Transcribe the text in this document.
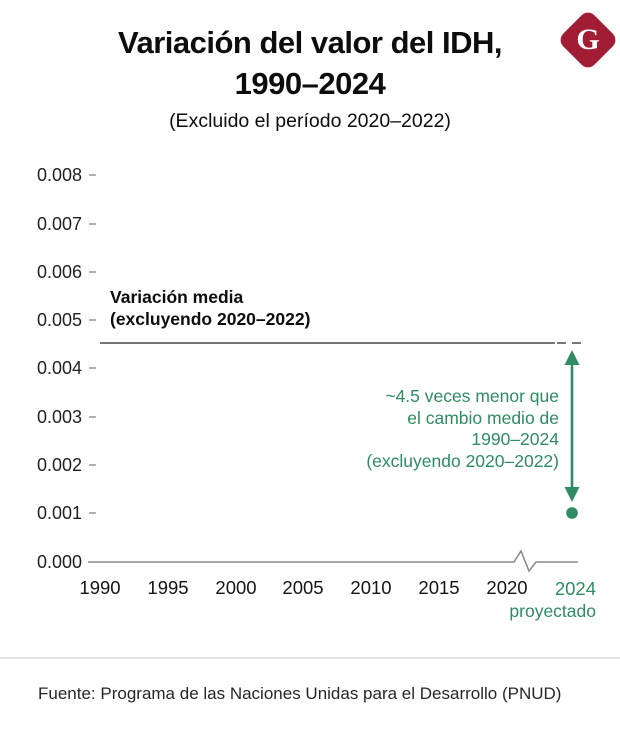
G
Variación del valor del IDH,
1990–2024
(Excluido el período 2020–2022)
0.008
0.007
0.006
0.005
0.004
0.003
0.002
0.001
0.000
1990	1995	2000	2005	2010	2015	2020	2024
proyectado
Variación media
(excluyendo 2020–2022)
~4.5 veces menor que
el cambio medio de
1990–2024
(excluyendo 2020–2022)
Fuente: Programa de las Naciones Unidas para el Desarrollo (PNUD)
